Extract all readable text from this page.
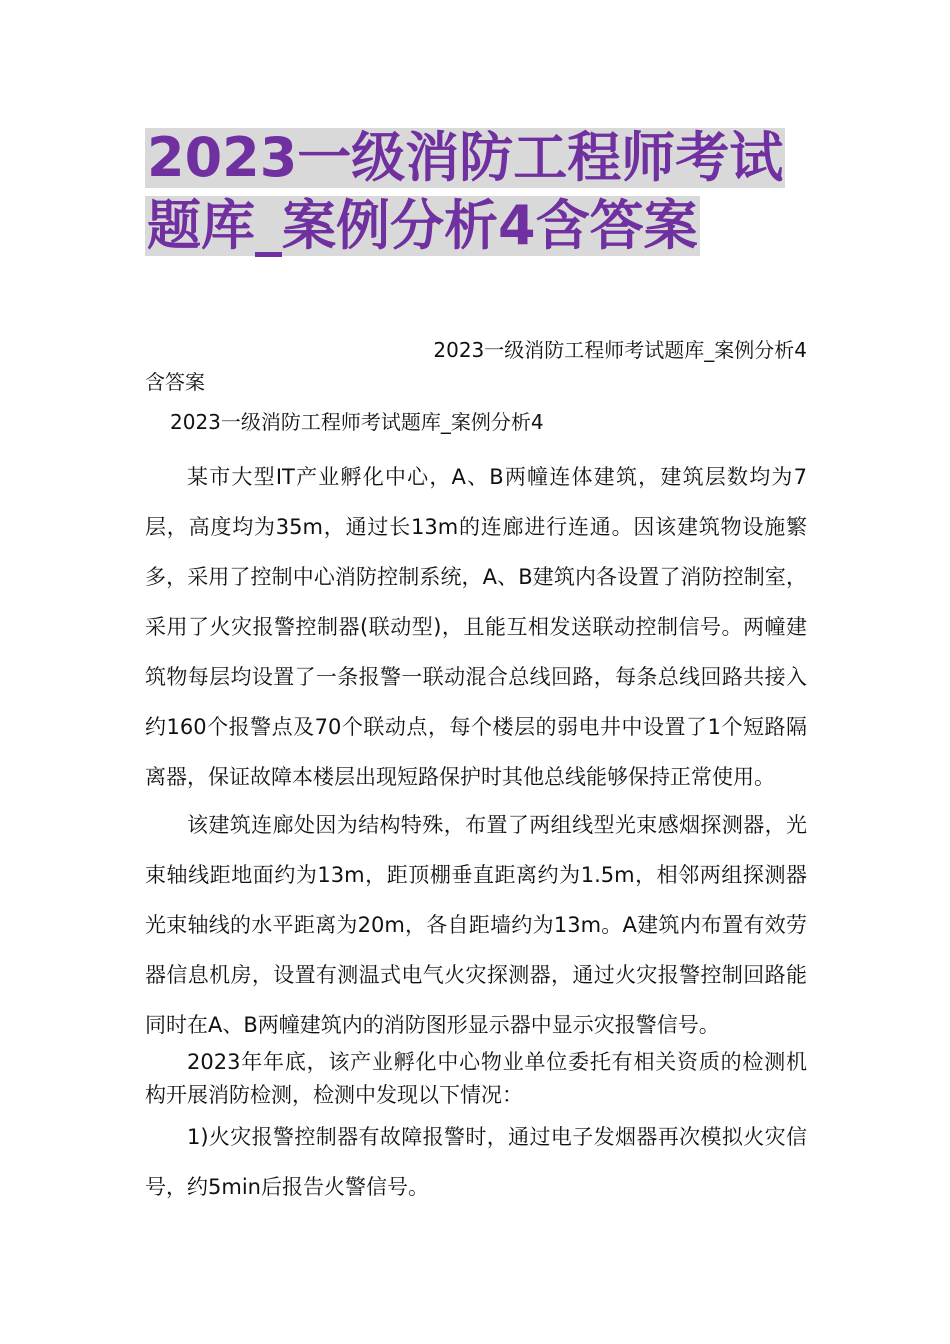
2023一级消防工程师考试
题库_案例分析4含答案
2023一级消防工程师考试题库_案例分析4
含答案
2023一级消防工程师考试题库_案例分析4

某市大型IT产业孵化中心，A、B两幢连体建筑，建筑层数均为7层，高度均为35m，通过长13m的连廊进行连通。因该建筑物设施繁多，采用了控制中心消防控制系统，A、B建筑内各设置了消防控制室，采用了火灾报警控制器(联动型)，且能互相发送联动控制信号。两幢建筑物每层均设置了一条报警一联动混合总线回路，每条总线回路共接入约160个报警点及70个联动点，每个楼层的弱电井中设置了1个短路隔离器，保证故障本楼层出现短路保护时其他总线能够保持正常使用。

该建筑连廊处因为结构特殊，布置了两组线型光束感烟探测器，光束轴线距地面约为13m，距顶棚垂直距离约为1.5m，相邻两组探测器光束轴线的水平距离为20m，各自距墙约为13m。A建筑内布置有效劳器信息机房，设置有测温式电气火灾探测器，通过火灾报警控制回路能同时在A、B两幢建筑内的消防图形显示器中显示灾报警信号。

2023年年底，该产业孵化中心物业单位委托有相关资质的检测机构开展消防检测，检测中发现以下情况：

1)火灾报警控制器有故障报警时，通过电子发烟器再次模拟火灾信号，约5min后报告火警信号。
